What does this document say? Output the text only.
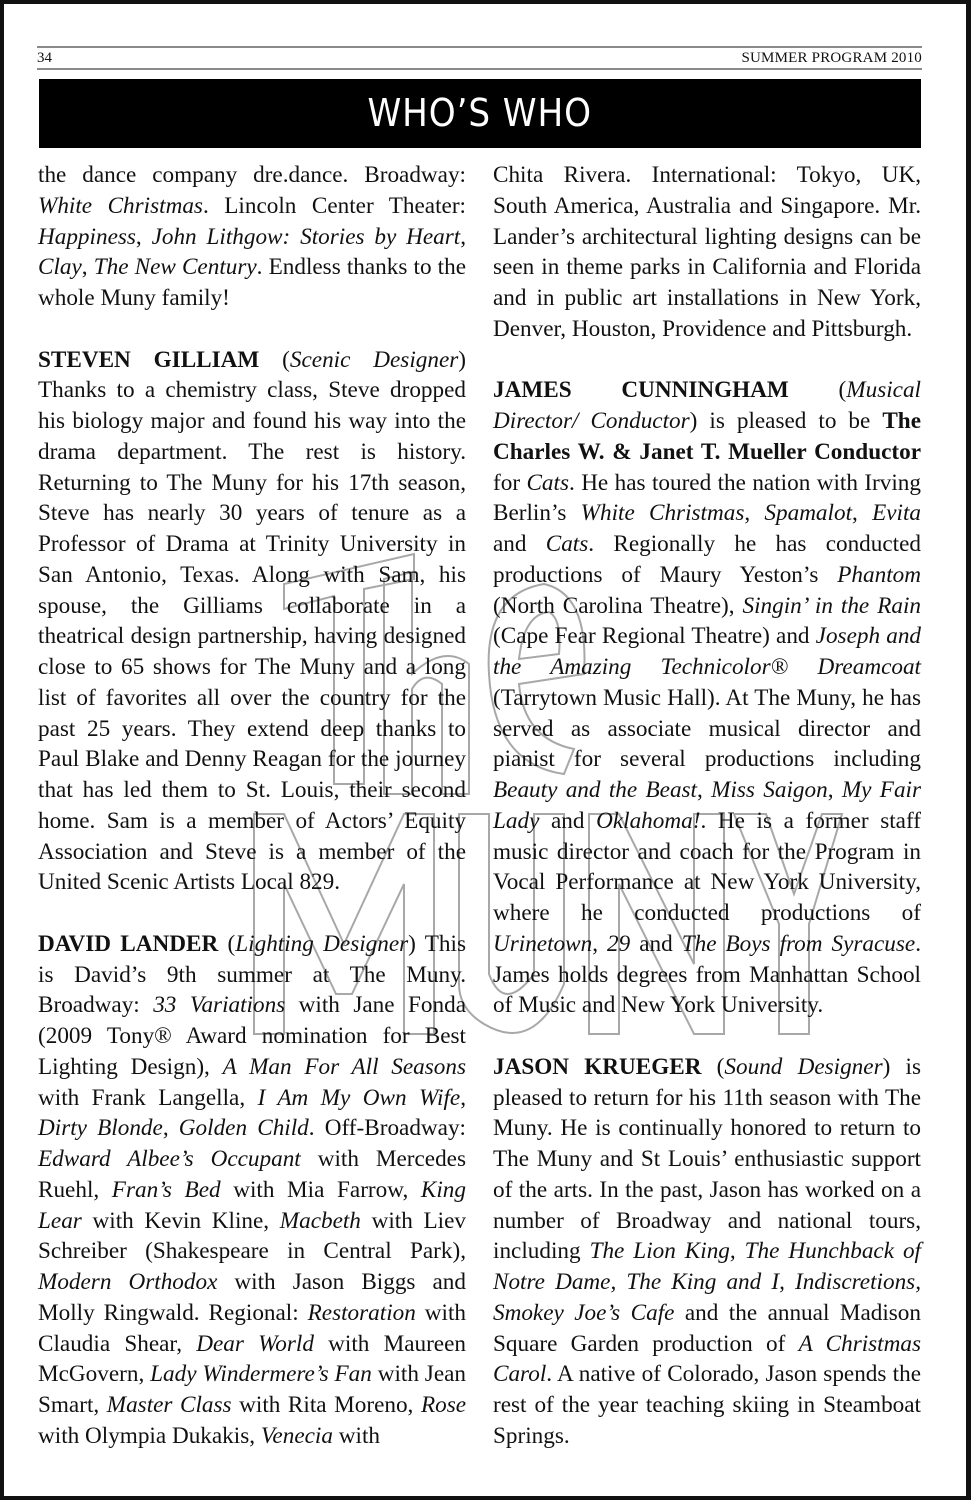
34	SUMMER PROGRAM 2010
WHO’S WHO

the dance company dre.dance. Broadway: White Christmas. Lincoln Center Theater: Happiness, John Lithgow: Stories by Heart, Clay, The New Century. Endless thanks to the whole Muny family!

STEVEN GILLIAM (Scenic Designer) Thanks to a chemistry class, Steve dropped his biology major and found his way into the drama department. The rest is history. Returning to The Muny for his 17th season, Steve has nearly 30 years of tenure as a Professor of Drama at Trinity University in San Antonio, Texas. Along with Sam, his spouse, the Gilliams collaborate in a theatrical design partnership, having designed close to 65 shows for The Muny and a long list of favorites all over the country for the past 25 years. They extend deep thanks to Paul Blake and Denny Reagan for the journey that has led them to St. Louis, their second home. Sam is a member of Actors’ Equity Association and Steve is a member of the United Scenic Artists Local 829.

DAVID LANDER (Lighting Designer) This is David’s 9th summer at The Muny. Broadway: 33 Variations with Jane Fonda (2009 Tony® Award nomination for Best Lighting Design), A Man For All Seasons with Frank Langella, I Am My Own Wife, Dirty Blonde, Golden Child. Off-Broadway: Edward Albee’s Occupant with Mercedes Ruehl, Fran’s Bed with Mia Farrow, King Lear with Kevin Kline, Macbeth with Liev Schreiber (Shakespeare in Central Park), Modern Orthodox with Jason Biggs and Molly Ringwald. Regional: Restoration with Claudia Shear, Dear World with Maureen McGovern, Lady Windermere’s Fan with Jean Smart, Master Class with Rita Moreno, Rose with Olympia Dukakis, Venecia with

Chita Rivera. International: Tokyo, UK, South America, Australia and Singapore. Mr. Lander’s architectural lighting designs can be seen in theme parks in California and Florida and in public art installations in New York, Denver, Houston, Providence and Pittsburgh.

JAMES CUNNINGHAM (Musical Director/ Conductor) is pleased to be The Charles W. & Janet T. Mueller Conductor for Cats. He has toured the nation with Irving Berlin’s White Christmas, Spamalot, Evita and Cats. Regionally he has conducted productions of Maury Yeston’s Phantom (North Carolina Theatre), Singin’ in the Rain (Cape Fear Regional Theatre) and Joseph and the Amazing Technicolor® Dreamcoat (Tarrytown Music Hall). At The Muny, he has served as associate musical director and pianist for several productions including Beauty and the Beast, Miss Saigon, My Fair Lady and Oklahoma!. He is a former staff music director and coach for the Program in Vocal Performance at New York University, where he conducted productions of Urinetown, 29 and The Boys from Syracuse. James holds degrees from Manhattan School of Music and New York University.

JASON KRUEGER (Sound Designer) is pleased to return for his 11th season with The Muny. He is continually honored to return to The Muny and St Louis’ enthusiastic support of the arts. In the past, Jason has worked on a number of Broadway and national tours, including The Lion King, The Hunchback of Notre Dame, The King and I, Indiscretions, Smokey Joe’s Cafe and the annual Madison Square Garden production of A Christmas Carol. A native of Colorado, Jason spends the rest of the year teaching skiing in Steamboat Springs.
